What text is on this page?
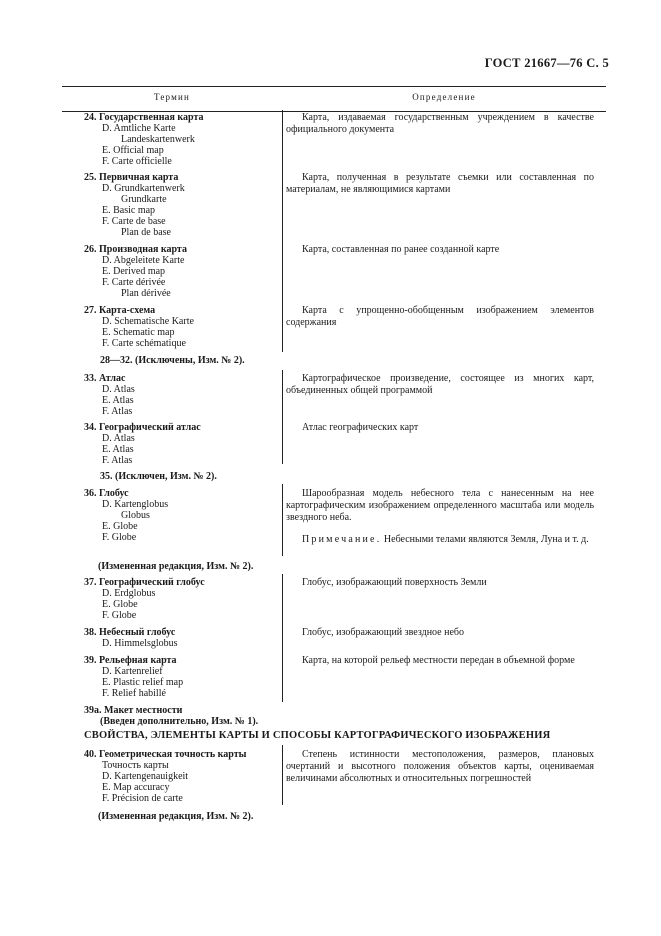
ГОСТ 21667—76 С. 5
Термин	Определение
24. Государственная карта
D. Amtliche Karte
Landeskartenwerk
E. Official map
F. Carte officielle
Карта, издаваемая государственным учреждением в качестве официального документа
25. Первичная карта
D. Grundkartenwerk
Grundkarte
E. Basic map
F. Carte de base
Plan de base
Карта, полученная в результате съемки или составленная по материалам, не являющимися картами
26. Производная карта
D. Abgeleitete Karte
E. Derived map
F. Carte dérivée
Plan dérivée
Карта, составленная по ранее созданной карте
27. Карта-схема
D. Schematische Karte
E. Schematic map
F. Carte schématique
Карта с упрощенно-обобщенным изображением элементов содержания
28—32. (Исключены, Изм. № 2).
33. Атлас
D. Atlas
E. Atlas
F. Atlas
Картографическое произведение, состоящее из многих карт, объединенных общей программой
34. Географический атлас
D. Atlas
E. Atlas
F. Atlas
Атлас географических карт
35. (Исключен, Изм. № 2).
36. Глобус
D. Kartenglobus
Globus
E. Globe
F. Globe
Шарообразная модель небесного тела с нанесенным на нее картографическим изображением определенного масштаба или модель звездного неба.
Примечание. Небесными телами являются Земля, Луна и т. д.
(Измененная редакция, Изм. № 2).
37. Географический глобус
D. Erdglobus
E. Globe
F. Globe
Глобус, изображающий поверхность Земли
38. Небесный глобус
D. Himmelsglobus
Глобус, изображающий звездное небо
39. Рельефная карта
D. Kartenrelief
E. Plastic relief map
F. Relief habillé
Карта, на которой рельеф местности передан в объемной форме
39а. Макет местности
(Введен дополнительно, Изм. № 1).
СВОЙСТВА, ЭЛЕМЕНТЫ КАРТЫ И СПОСОБЫ КАРТОГРАФИЧЕСКОГО ИЗОБРАЖЕНИЯ
40. Геометрическая точность карты
Точность карты
D. Kartengenauigkeit
E. Map accuracy
F. Précision de carte
Степень истинности местоположения, размеров, плановых очертаний и высотного положения объектов карты, оцениваемая величинами абсолютных и относительных погрешностей
(Измененная редакция, Изм. № 2).
